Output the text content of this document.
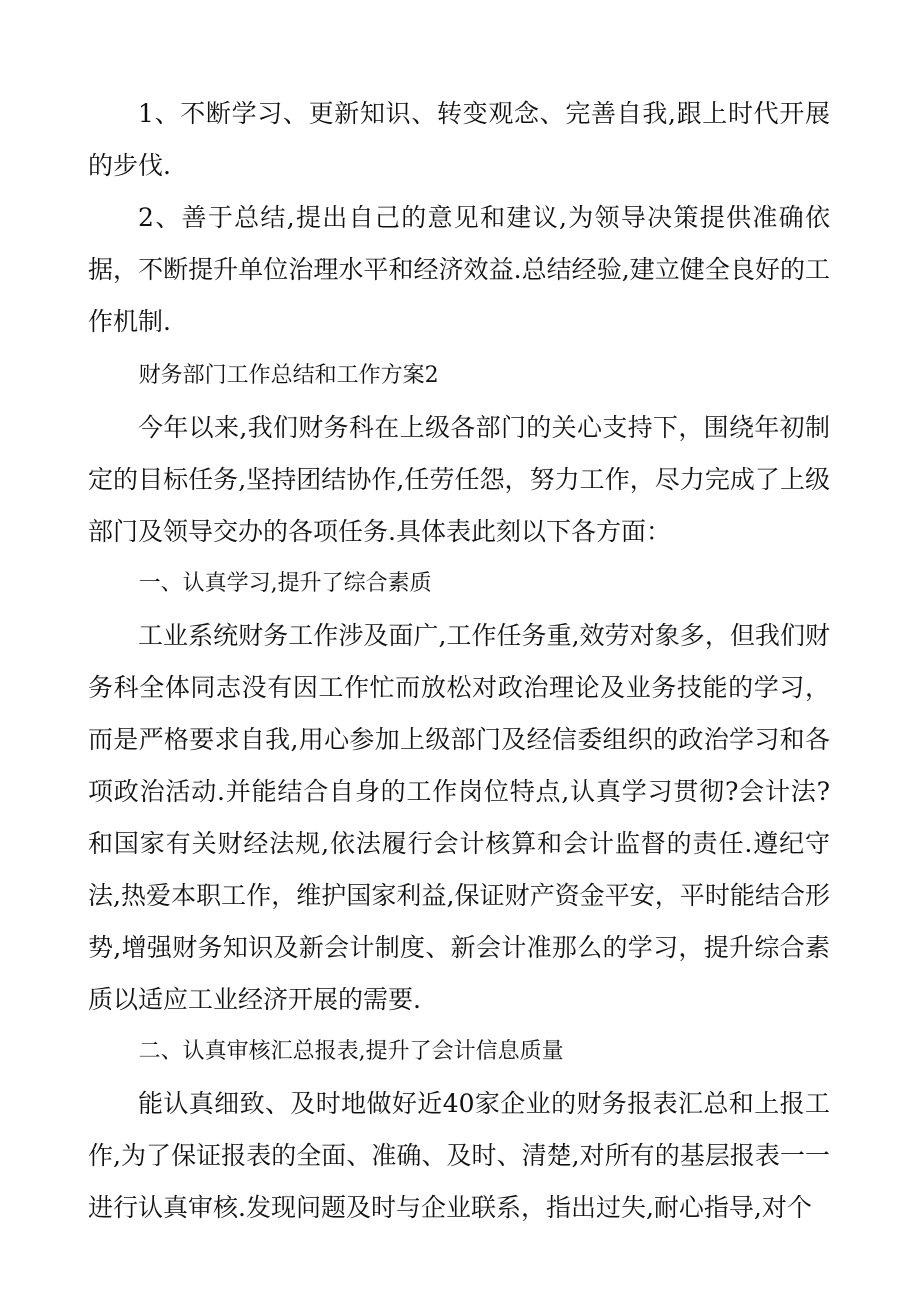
1、不断学习、更新知识、转变观念、完善自我,跟上时代开展的步伐.

2、善于总结,提出自己的意见和建议,为领导决策提供准确依据，不断提升单位治理水平和经济效益.总结经验,建立健全良好的工作机制.

财务部门工作总结和工作方案2

今年以来,我们财务科在上级各部门的关心支持下，围绕年初制定的目标任务,坚持团结协作,任劳任怨，努力工作，尽力完成了上级部门及领导交办的各项任务.具体表此刻以下各方面：

一、认真学习,提升了综合素质

工业系统财务工作涉及面广,工作任务重,效劳对象多，但我们财务科全体同志没有因工作忙而放松对政治理论及业务技能的学习，而是严格要求自我,用心参加上级部门及经信委组织的政治学习和各项政治活动.并能结合自身的工作岗位特点,认真学习贯彻?会计法?和国家有关财经法规,依法履行会计核算和会计监督的责任.遵纪守法,热爱本职工作，维护国家利益,保证财产资金平安，平时能结合形势,增强财务知识及新会计制度、新会计准那么的学习，提升综合素质以适应工业经济开展的需要.

二、认真审核汇总报表,提升了会计信息质量

能认真细致、及时地做好近40家企业的财务报表汇总和上报工作,为了保证报表的全面、准确、及时、清楚,对所有的基层报表一一进行认真审核.发现问题及时与企业联系，指出过失,耐心指导,对个
